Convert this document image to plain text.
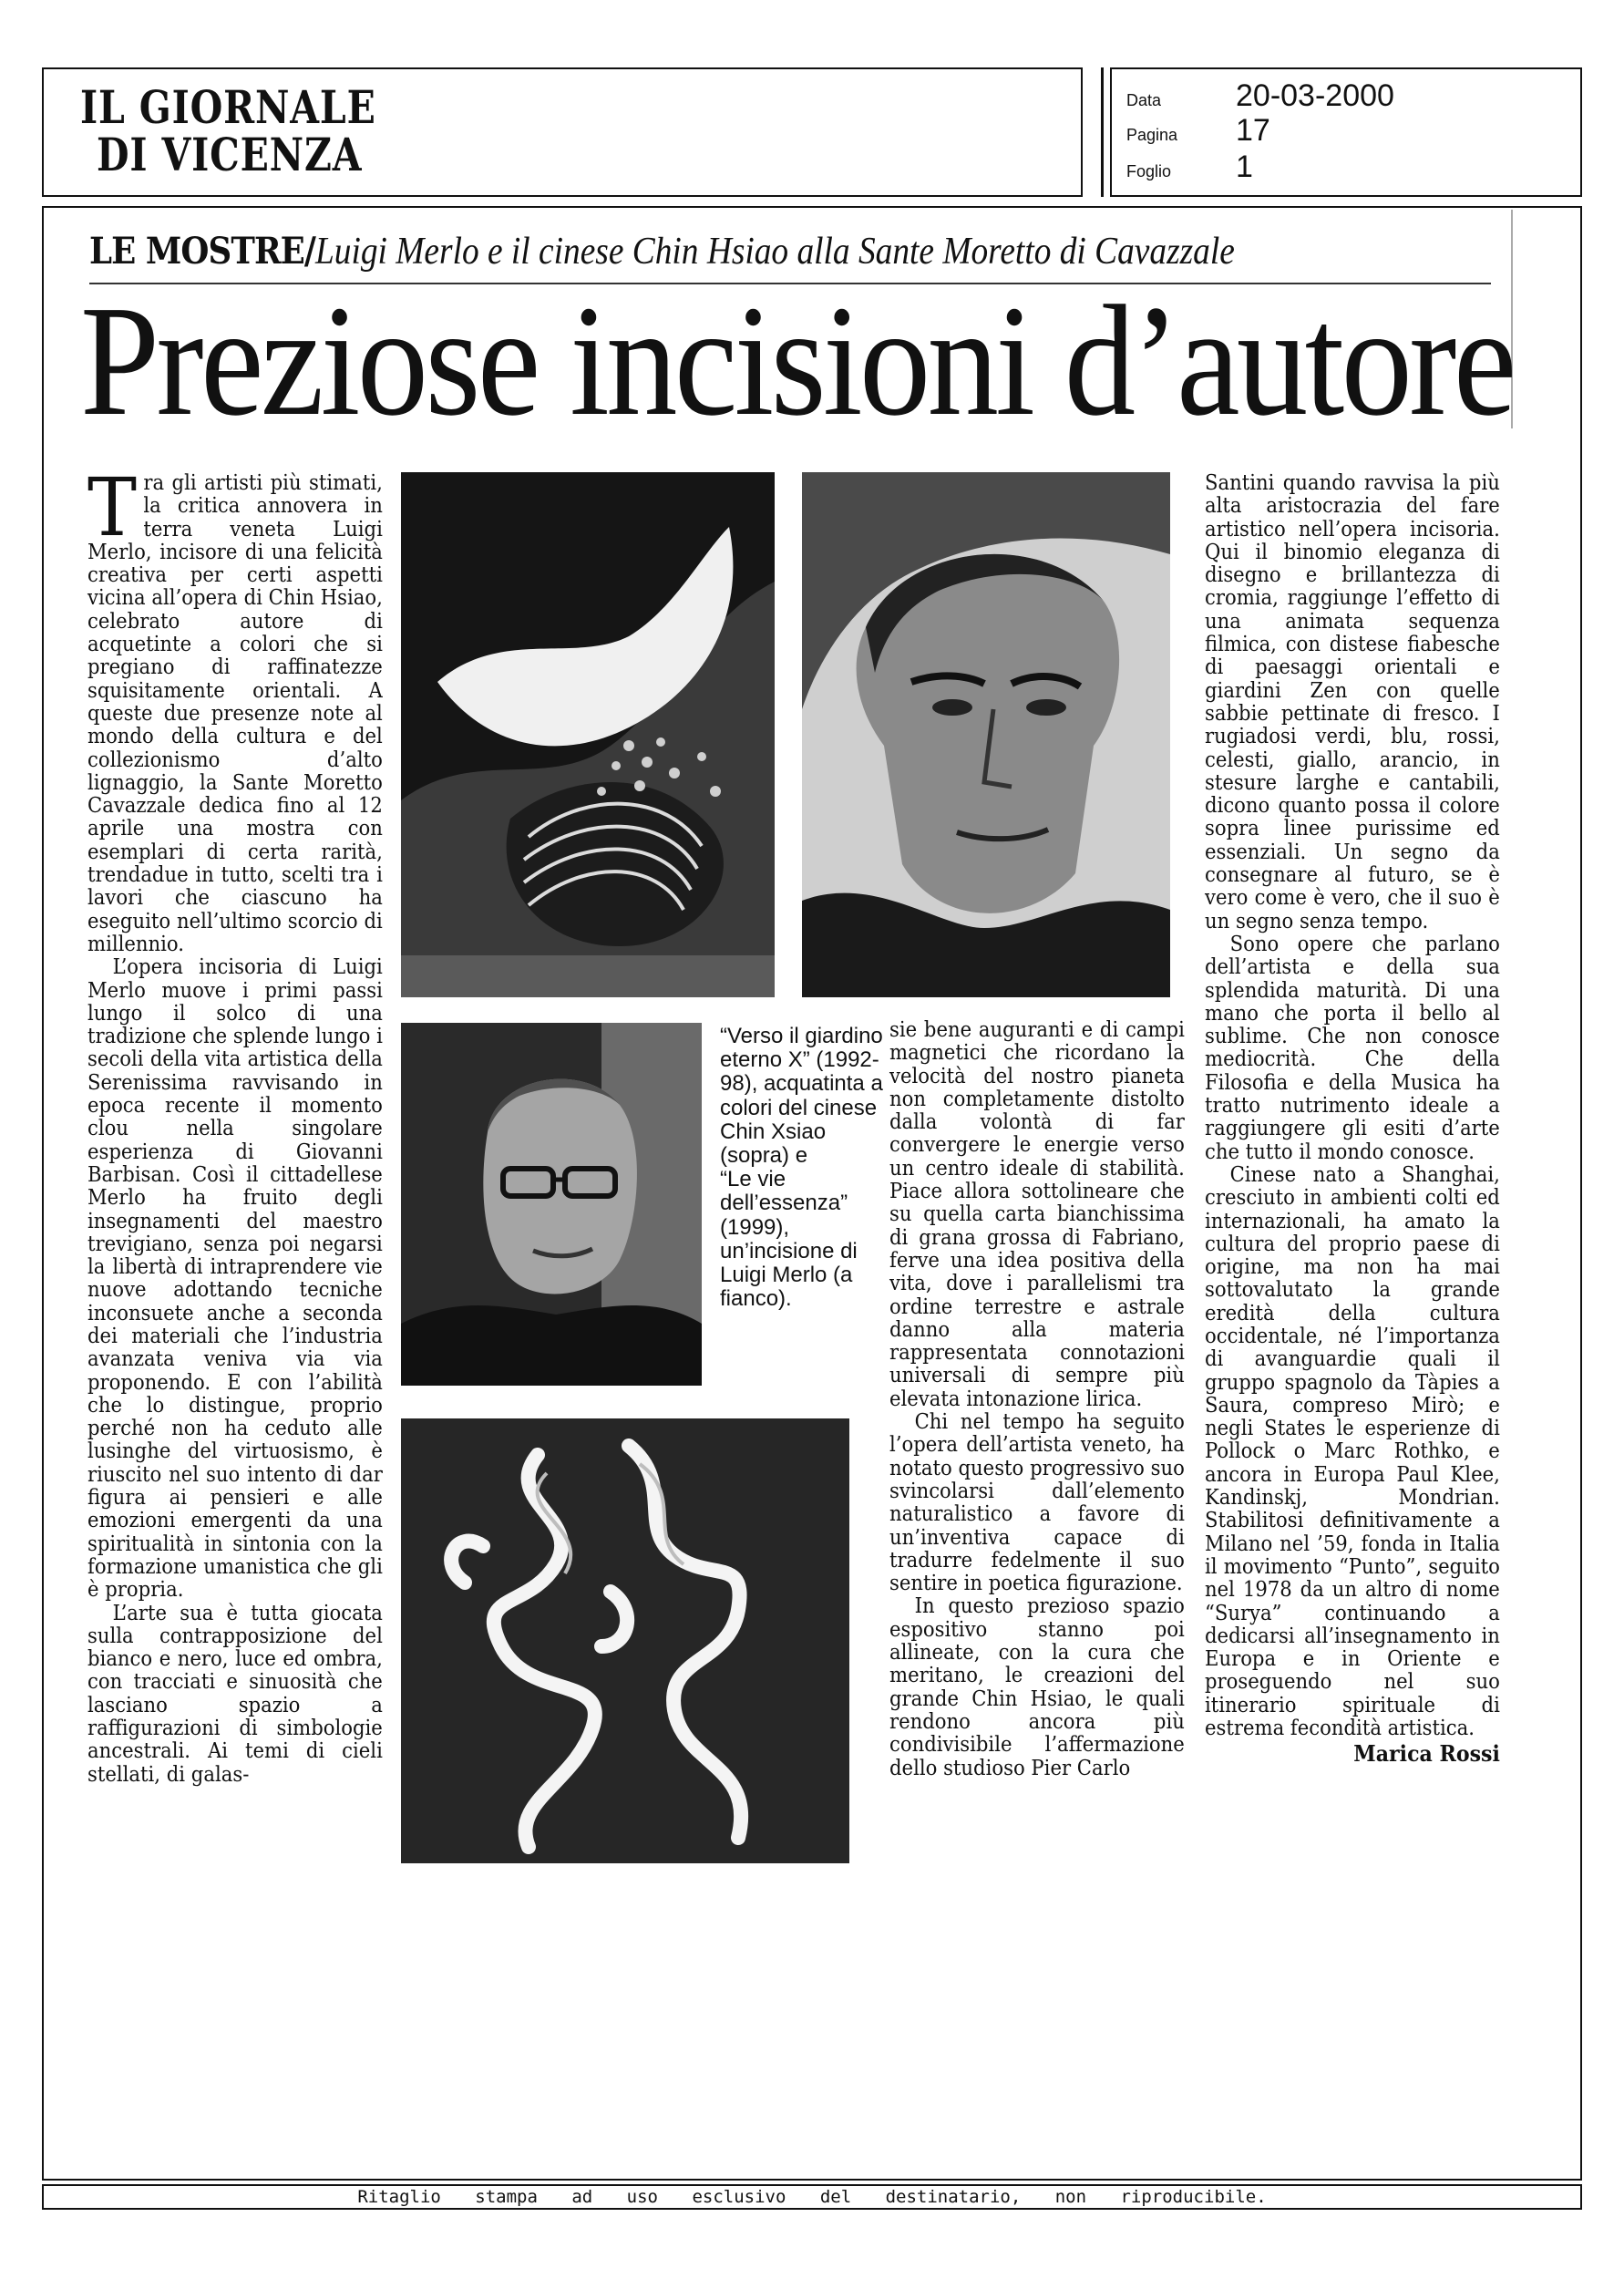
IL GIORNALE
DI VICENZA
Data 20-03-2000
Pagina 17
Foglio 1
LE MOSTRE/Luigi Merlo e il cinese Chin Hsiao alla Sante Moretto di Cavazzale
Preziose incisioni d’autore

Tra gli artisti più stimati, la critica annovera in terra veneta Luigi Merlo, incisore di una felicità creativa per certi aspetti vicina all’opera di Chin Hsiao, celebrato autore di acquetinte a colori che si pregiano di raffinatezze squisitamente orientali. A queste due presenze note al mondo della cultura e del collezionismo d’alto lignaggio, la Sante Moretto Cavazzale dedica fino al 12 aprile una mostra con esemplari di certa rarità, trendadue in tutto, scelti tra i lavori che ciascuno ha eseguito nell’ultimo scorcio di millennio.

L’opera incisoria di Luigi Merlo muove i primi passi lungo il solco di una tradizione che splende lungo i secoli della vita artistica della Serenissima ravvisando in epoca recente il momento clou nella singolare esperienza di Giovanni Barbisan. Così il cittadellese Merlo ha fruito degli insegnamenti del maestro trevigiano, senza poi negarsi la libertà di intraprendere vie nuove adottando tecniche inconsuete anche a seconda dei materiali che l’industria avanzata veniva via via proponendo. E con l’abilità che lo distingue, proprio perché non ha ceduto alle lusinghe del virtuosismo, è riuscito nel suo intento di dar figura ai pensieri e alle emozioni emergenti da una spiritualità in sintonia con la formazione umanistica che gli è propria.

L’arte sua è tutta giocata sulla contrapposizione del bianco e nero, luce ed ombra, con tracciati e sinuosità che lasciano spazio a raffigurazioni di simbologie ancestrali. Ai temi di cieli stellati, di galas-

“Verso il giardino eterno X” (1992-98), acquatinta a colori del cinese Chin Xsiao (sopra) e

“Le vie dell’essenza” (1999), un’incisione di Luigi Merlo (a fianco).

sie bene auguranti e di campi magnetici che ricordano la velocità del nostro pianeta non completamente distolto dalla volontà di far convergere le energie verso un centro ideale di stabilità. Piace allora sottolineare che su quella carta bianchissima di grana grossa di Fabriano, ferve una idea positiva della vita, dove i parallelismi tra ordine terrestre e astrale danno alla materia rappresentata connotazioni universali di sempre più elevata intonazione lirica.

Chi nel tempo ha seguito l’opera dell’artista veneto, ha notato questo progressivo suo svincolarsi dall’elemento naturalistico a favore di un’inventiva capace di tradurre fedelmente il suo sentire in poetica figurazione.

In questo prezioso spazio espositivo stanno poi allineate, con la cura che meritano, le creazioni del grande Chin Hsiao, le quali rendono ancora più condivisibile l’affermazione dello studioso Pier Carlo

Santini quando ravvisa la più alta aristocrazia del fare artistico nell’opera incisoria. Qui il binomio eleganza di disegno e brillantezza di cromia, raggiunge l’effetto di una animata sequenza filmica, con distese fiabesche di paesaggi orientali e giardini Zen con quelle sabbie pettinate di fresco. I rugiadosi verdi, blu, rossi, celesti, giallo, arancio, in stesure larghe e cantabili, dicono quanto possa il colore sopra linee purissime ed essenziali. Un segno da consegnare al futuro, se è vero come è vero, che il suo è un segno senza tempo.

Sono opere che parlano dell’artista e della sua splendida maturità. Di una mano che porta il bello al sublime. Che non conosce mediocrità. Che della Filosofia e della Musica ha tratto nutrimento ideale a raggiungere gli esiti d’arte che tutto il mondo conosce.

Cinese nato a Shanghai, cresciuto in ambienti colti ed internazionali, ha amato la cultura del proprio paese di origine, ma non ha mai sottovalutato la grande eredità della cultura occidentale, né l’importanza di avanguardie quali il gruppo spagnolo da Tàpies a Saura, compreso Mirò; e negli States le esperienze di Pollock o Marc Rothko, e ancora in Europa Paul Klee, Kandinskj, Mondrian. Stabilitosi definitivamente a Milano nel ’59, fonda in Italia il movimento “Punto”, seguito nel 1978 da un altro di nome “Surya” continuando a dedicarsi all’insegnamento in Europa e in Oriente e proseguendo nel suo itinerario spirituale di estrema fecondità artistica.

Marica Rossi
Ritaglio stampa ad uso esclusivo del destinatario, non riproducibile.
